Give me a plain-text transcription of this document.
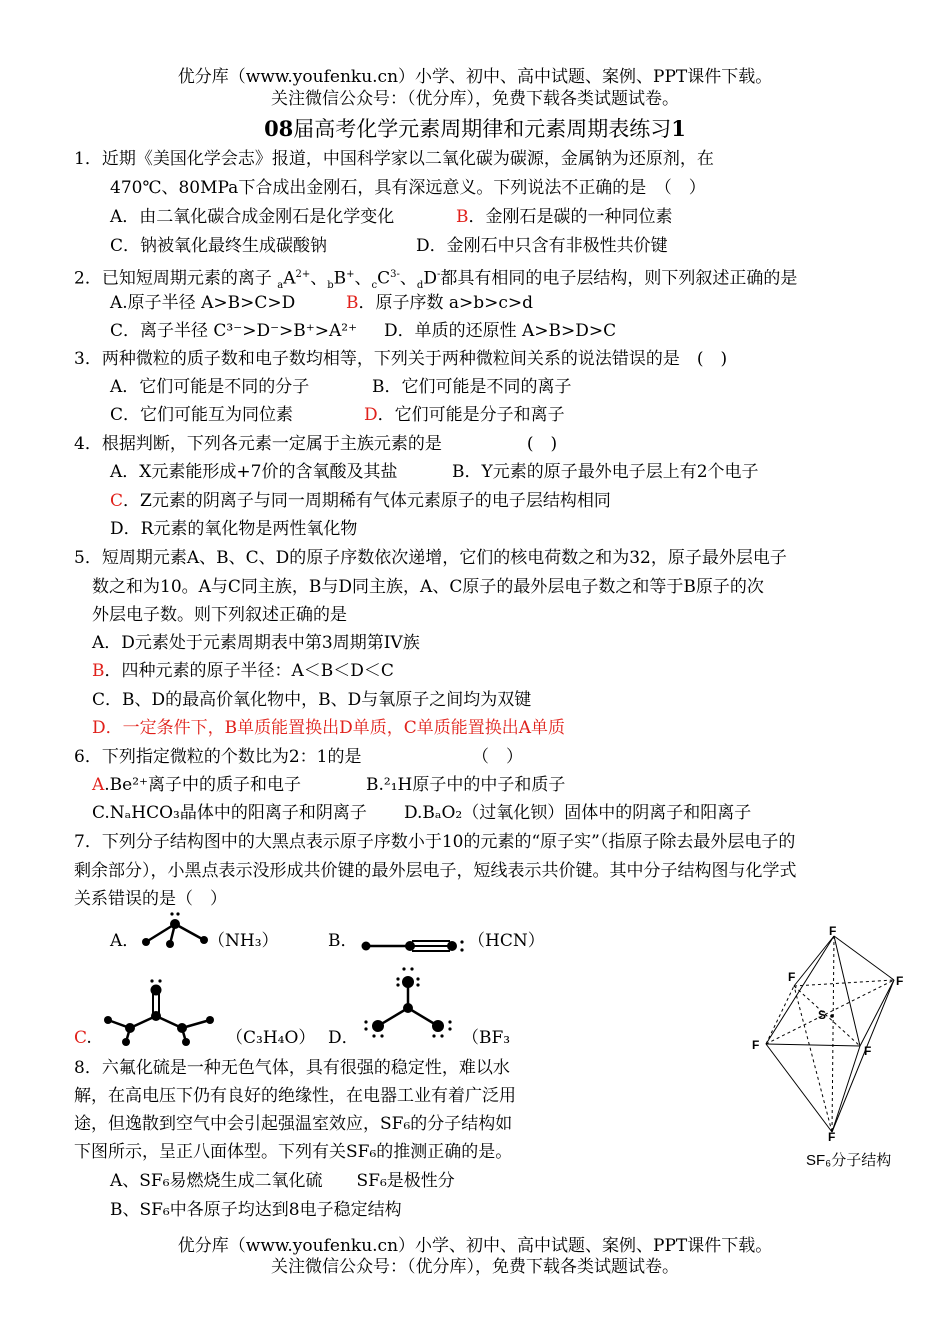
优分库（www.youfenku.cn）小学、初中、高中试题、案例、PPT课件下载。
关注微信公众号：（优分库），免费下载各类试题试卷。
08届高考化学元素周期律和元素周期表练习1
1．近期《美国化学会志》报道，中国科学家以二氧化碳为碳源，金属钠为还原剂，在
470℃、80MPa下合成出金刚石，具有深远意义。下列说法不正确的是　（　）
A．由二氧化碳合成金刚石是化学变化	B．金刚石是碳的一种同位素
C．钠被氧化最终生成碳酸钠	D．金刚石中只含有非极性共价键
2．已知短周期元素的离子 $_aA^{2+}$、$_b$B+、$_cC^{3-}$、$_d$D-都具有相同的电子层结构，则下列叙述正确的是
A.原子半径 A>B>C>D	B．原子序数 a>b>c>d
C．离子半径 C³⁻>D⁻>B⁺>A²⁺ D．单质的还原性 A>B>D>C
3．两种微粒的质子数和电子数均相等，下列关于两种微粒间关系的说法错误的是　(　)
A．它们可能是不同的分子	B．它们可能是不同的离子
C．它们可能互为同位素	D．它们可能是分子和离子
4．根据判断，下列各元素一定属于主族元素的是　　　　　(　)
A．X元素能形成+7价的含氧酸及其盐	B．Y元素的原子最外电子层上有2个电子
C．Z元素的阴离子与同一周期稀有气体元素原子的电子层结构相同
D．R元素的氧化物是两性氧化物
5．短周期元素A、B、C、D的原子序数依次递增，它们的核电荷数之和为32，原子最外层电子
数之和为10。A与C同主族，B与D同主族，A、C原子的最外层电子数之和等于B原子的次
外层电子数。则下列叙述正确的是
A．D元素处于元素周期表中第3周期第IV族
B．四种元素的原子半径：A＜B＜D＜C
C．B、D的最高价氧化物中，B、D与氧原子之间均为双键
D．一定条件下，B单质能置换出D单质，C单质能置换出A单质
6．下列指定微粒的个数比为2：1的是　　　　　　　（　）
A.Be²⁺离子中的质子和电子	B.²₁H原子中的中子和质子
C.NₐHCO₃晶体中的阳离子和阴离子 D.BₐO₂（过氧化钡）固体中的阴离子和阳离子
7．下列分子结构图中的大黑点表示原子序数小于10的元素的“原子实”（指原子除去最外层电子的
剩余部分），小黑点表示没形成共价键的最外层电子，短线表示共价键。其中分子结构图与化学式
关系错误的是（　）
A．	（NH₃）	B．	（HCN）
C.	（C₃H₄O） D．	（BF₃
8．六氟化硫是一种无色气体，具有很强的稳定性，难以水
解，在高电压下仍有良好的绝缘性，在电器工业有着广泛用
途，但逸散到空气中会引起强温室效应，SF₆的分子结构如
下图所示，呈正八面体型。下列有关SF₆的推测正确的是。
A、SF₆易燃烧生成二氧化硫　　SF₆是极性分
B、SF₆中各原子均达到8电子稳定结构
F
F	F
S
F	F
F
SF₆分子结构
优分库（www.youfenku.cn）小学、初中、高中试题、案例、PPT课件下载。
关注微信公众号：（优分库），免费下载各类试题试卷。
